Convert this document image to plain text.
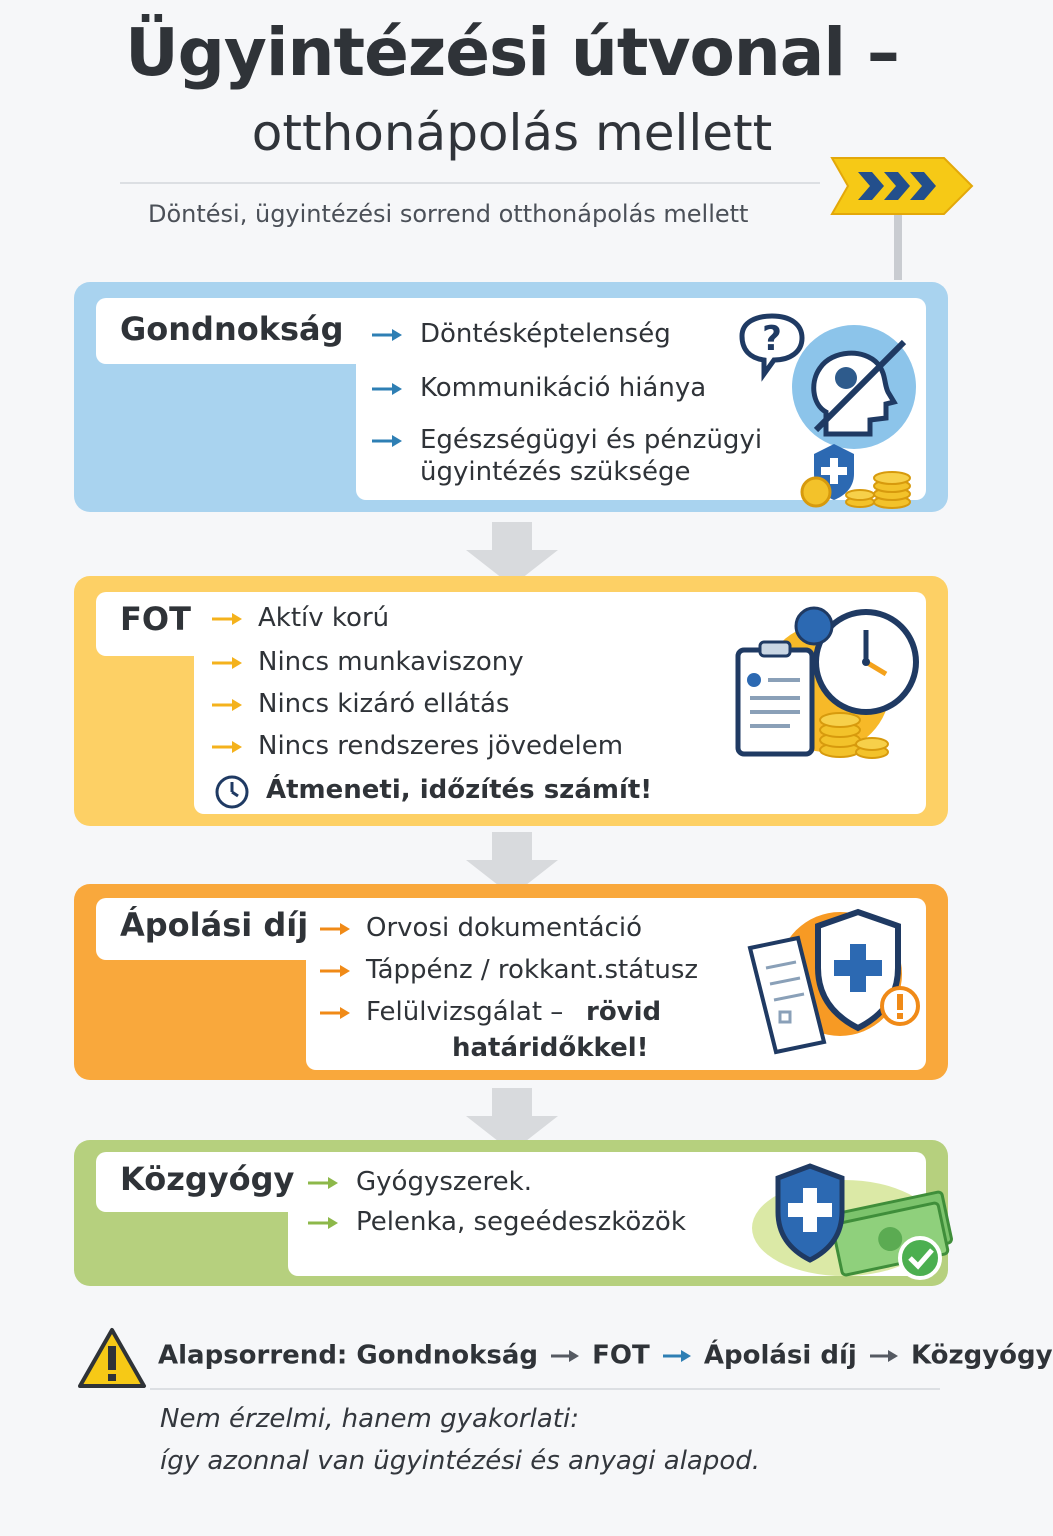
Ügyintézési útvonal –
otthonápolás mellett
Döntési, ügyintézési sorrend otthonápolás mellett
Gondnokság	Döntésképtelenség
Kommunikáció hiánya
Egészségügyi és pénzügyi
ügyintézés szüksége
?
FOT	Aktív korú
Nincs munkaviszony
Nincs kizáró ellátás
Nincs rendszeres jövedelem
Átmeneti, időzítés számít!
Ápolási díj Orvosi dokumentáció
Táppénz / rokkant.státusz
Felülvizsgálat – rövid
határidőkkel!
Közgyógy Gyógyszerek.
Pelenka, segeédeszközök
Alapsorrend: Gondnokság FOT Ápolási díj Közgyógy
Nem érzelmi, hanem gyakorlati:
így azonnal van ügyintézési és anyagi alapod.
